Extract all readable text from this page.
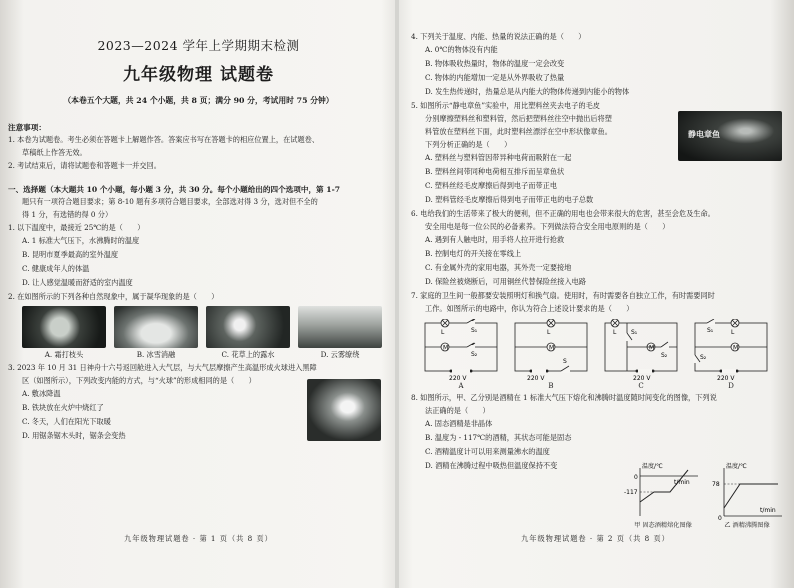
2023—2024 学年上学期期末检测
九年级物理 试题卷
（本卷五个大题，共 24 个小题，共 8 页；满分 90 分，考试用时 75 分钟）
注意事项：
1. 本卷为试题卷。考生必须在答题卡上解题作答。答案应书写在答题卡的相应位置上，在试题卷、
草稿纸上作答无效。
2. 考试结束后，请将试题卷和答题卡一并交回。
一、选择题（本大题共 10 个小题，每小题 3 分，共 30 分。每个小题给出的四个选项中，第 1-7
题只有一项符合题目要求；第 8-10 题有多项符合题目要求，全部选对得 3 分，选对但不全的
得 1 分，有选错的得 0 分）
1. 以下温度中，最接近 25℃的是（　　）
A. 1 标准大气压下，水沸腾时的温度
B. 昆明市夏季最高的室外温度
C. 健康成年人的体温
D. 让人感觉温暖而舒适的室内温度
2. 在如图所示的下列各种自然现象中，属于凝华现象的是（　　）
A. 霜打枝头	B. 冰雪消融	C. 花草上的露水	D. 云雾缭绕
3. 2023 年 10 月 31 日神舟十六号返回舱进入大气层，与大气层摩擦产生高温形成火球进入黑障
区（如图所示），下列改变内能的方式，与“火球”的形成相同的是（　　）
A. 敷冰降温
B. 铁块放在火炉中烧红了
C. 冬天，人们在阳光下取暖
D. 用锯条锯木头时，锯条会变热
九年级物理试题卷 · 第 1 页（共 8 页）
4. 下列关于温度、内能、热量的说法正确的是（　　）
A. 0℃的物体没有内能
B. 物体吸收热量时，物体的温度一定会改变
C. 物体的内能增加一定是从外界吸收了热量
D. 发生热传递时，热量总是从内能大的物体传递到内能小的物体
5. 如图所示“静电章鱼”实验中，用比塑料丝夹去电子的毛皮
分别摩擦塑料丝和塑料管，然后把塑料丝往空中抛出后将塑
料管放在塑料丝下面，此时塑料丝漂浮在空中形状像章鱼。
下列分析正确的是（　　）
静电章鱼
A. 塑料丝与塑料管因带异种电荷而吸附在一起
B. 塑料丝间带同种电荷相互排斥而呈章鱼状
C. 塑料丝经毛皮摩擦后得到电子而带正电
D. 塑料管经毛皮摩擦后得到电子而带正电的电子总数
6. 电给我们的生活带来了极大的便利，但不正确的用电也会带来很大的危害，甚至会危及生命。
安全用电是每一位公民的必备素养。下列做法符合安全用电原则的是（　　）
A. 遇到有人触电时，用手将人拉开进行抢救
B. 控制电灯的开关接在零线上
C. 有金属外壳的家用电器，其外壳一定要接地
D. 保险丝被烧断后，可用铜丝代替保险丝接入电路
7. 家庭的卫生间一般都要安装照明灯和换气扇。使用时，有时需要各自独立工作，有时需要同时
工作。如图所示的电路中，你认为符合上述设计要求的是（　　）
M
L	S₁
S₂
220 V
A
M
L
S
220 V
B
M
L S₁
S₂
220 V
C
M
L
S₁
S₂
220 V
D
8. 如图所示，甲、乙分别是酒精在 1 标准大气压下熔化和沸腾时温度随时间变化的图像，下列说
法正确的是（　　）
A. 固态酒精是非晶体
B. 温度为 - 117℃的酒精，其状态可能是固态
C. 酒精温度计可以用来测量沸水的温度
D. 酒精在沸腾过程中吸热但温度保持不变	温度/℃
t/min
0
-117
甲 固态酒精熔化图像
温度/℃
t/min
0
78
乙 酒精沸腾图像
九年级物理试题卷 · 第 2 页（共 8 页）
